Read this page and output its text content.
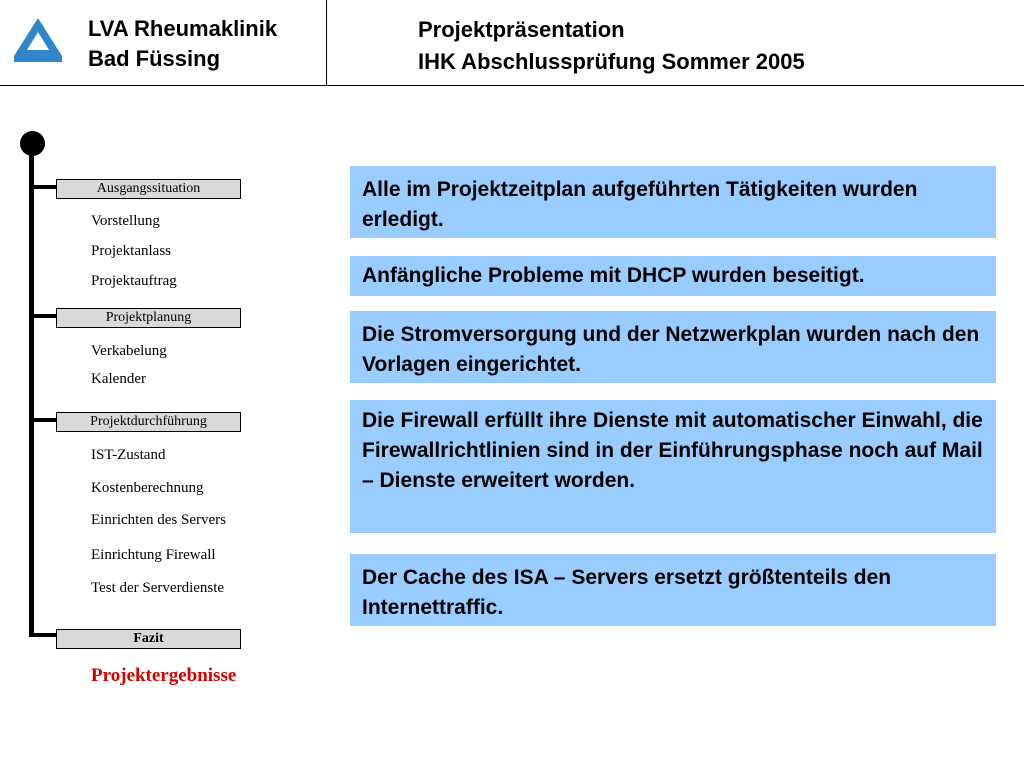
LVA Rheumaklinik
Bad Füssing
Projektpräsentation
IHK Abschlussprüfung Sommer 2005
Ausgangssituation
Vorstellung
Projektanlass
Projektauftrag
Projektplanung
Verkabelung
Kalender
Projektdurchführung
IST-Zustand
Kostenberechnung
Einrichten des Servers
Einrichtung Firewall
Test der Serverdienste
Fazit
Projektergebnisse
Alle im Projektzeitplan aufgeführten Tätigkeiten wurden erledigt.
Anfängliche Probleme mit DHCP wurden beseitigt.
Die Stromversorgung und der Netzwerkplan wurden nach den Vorlagen eingerichtet.
Die Firewall erfüllt ihre Dienste mit automatischer Einwahl, die Firewallrichtlinien sind in der Einführungsphase noch auf Mail – Dienste erweitert worden.
Der Cache des ISA – Servers ersetzt größtenteils den Internettraffic.
